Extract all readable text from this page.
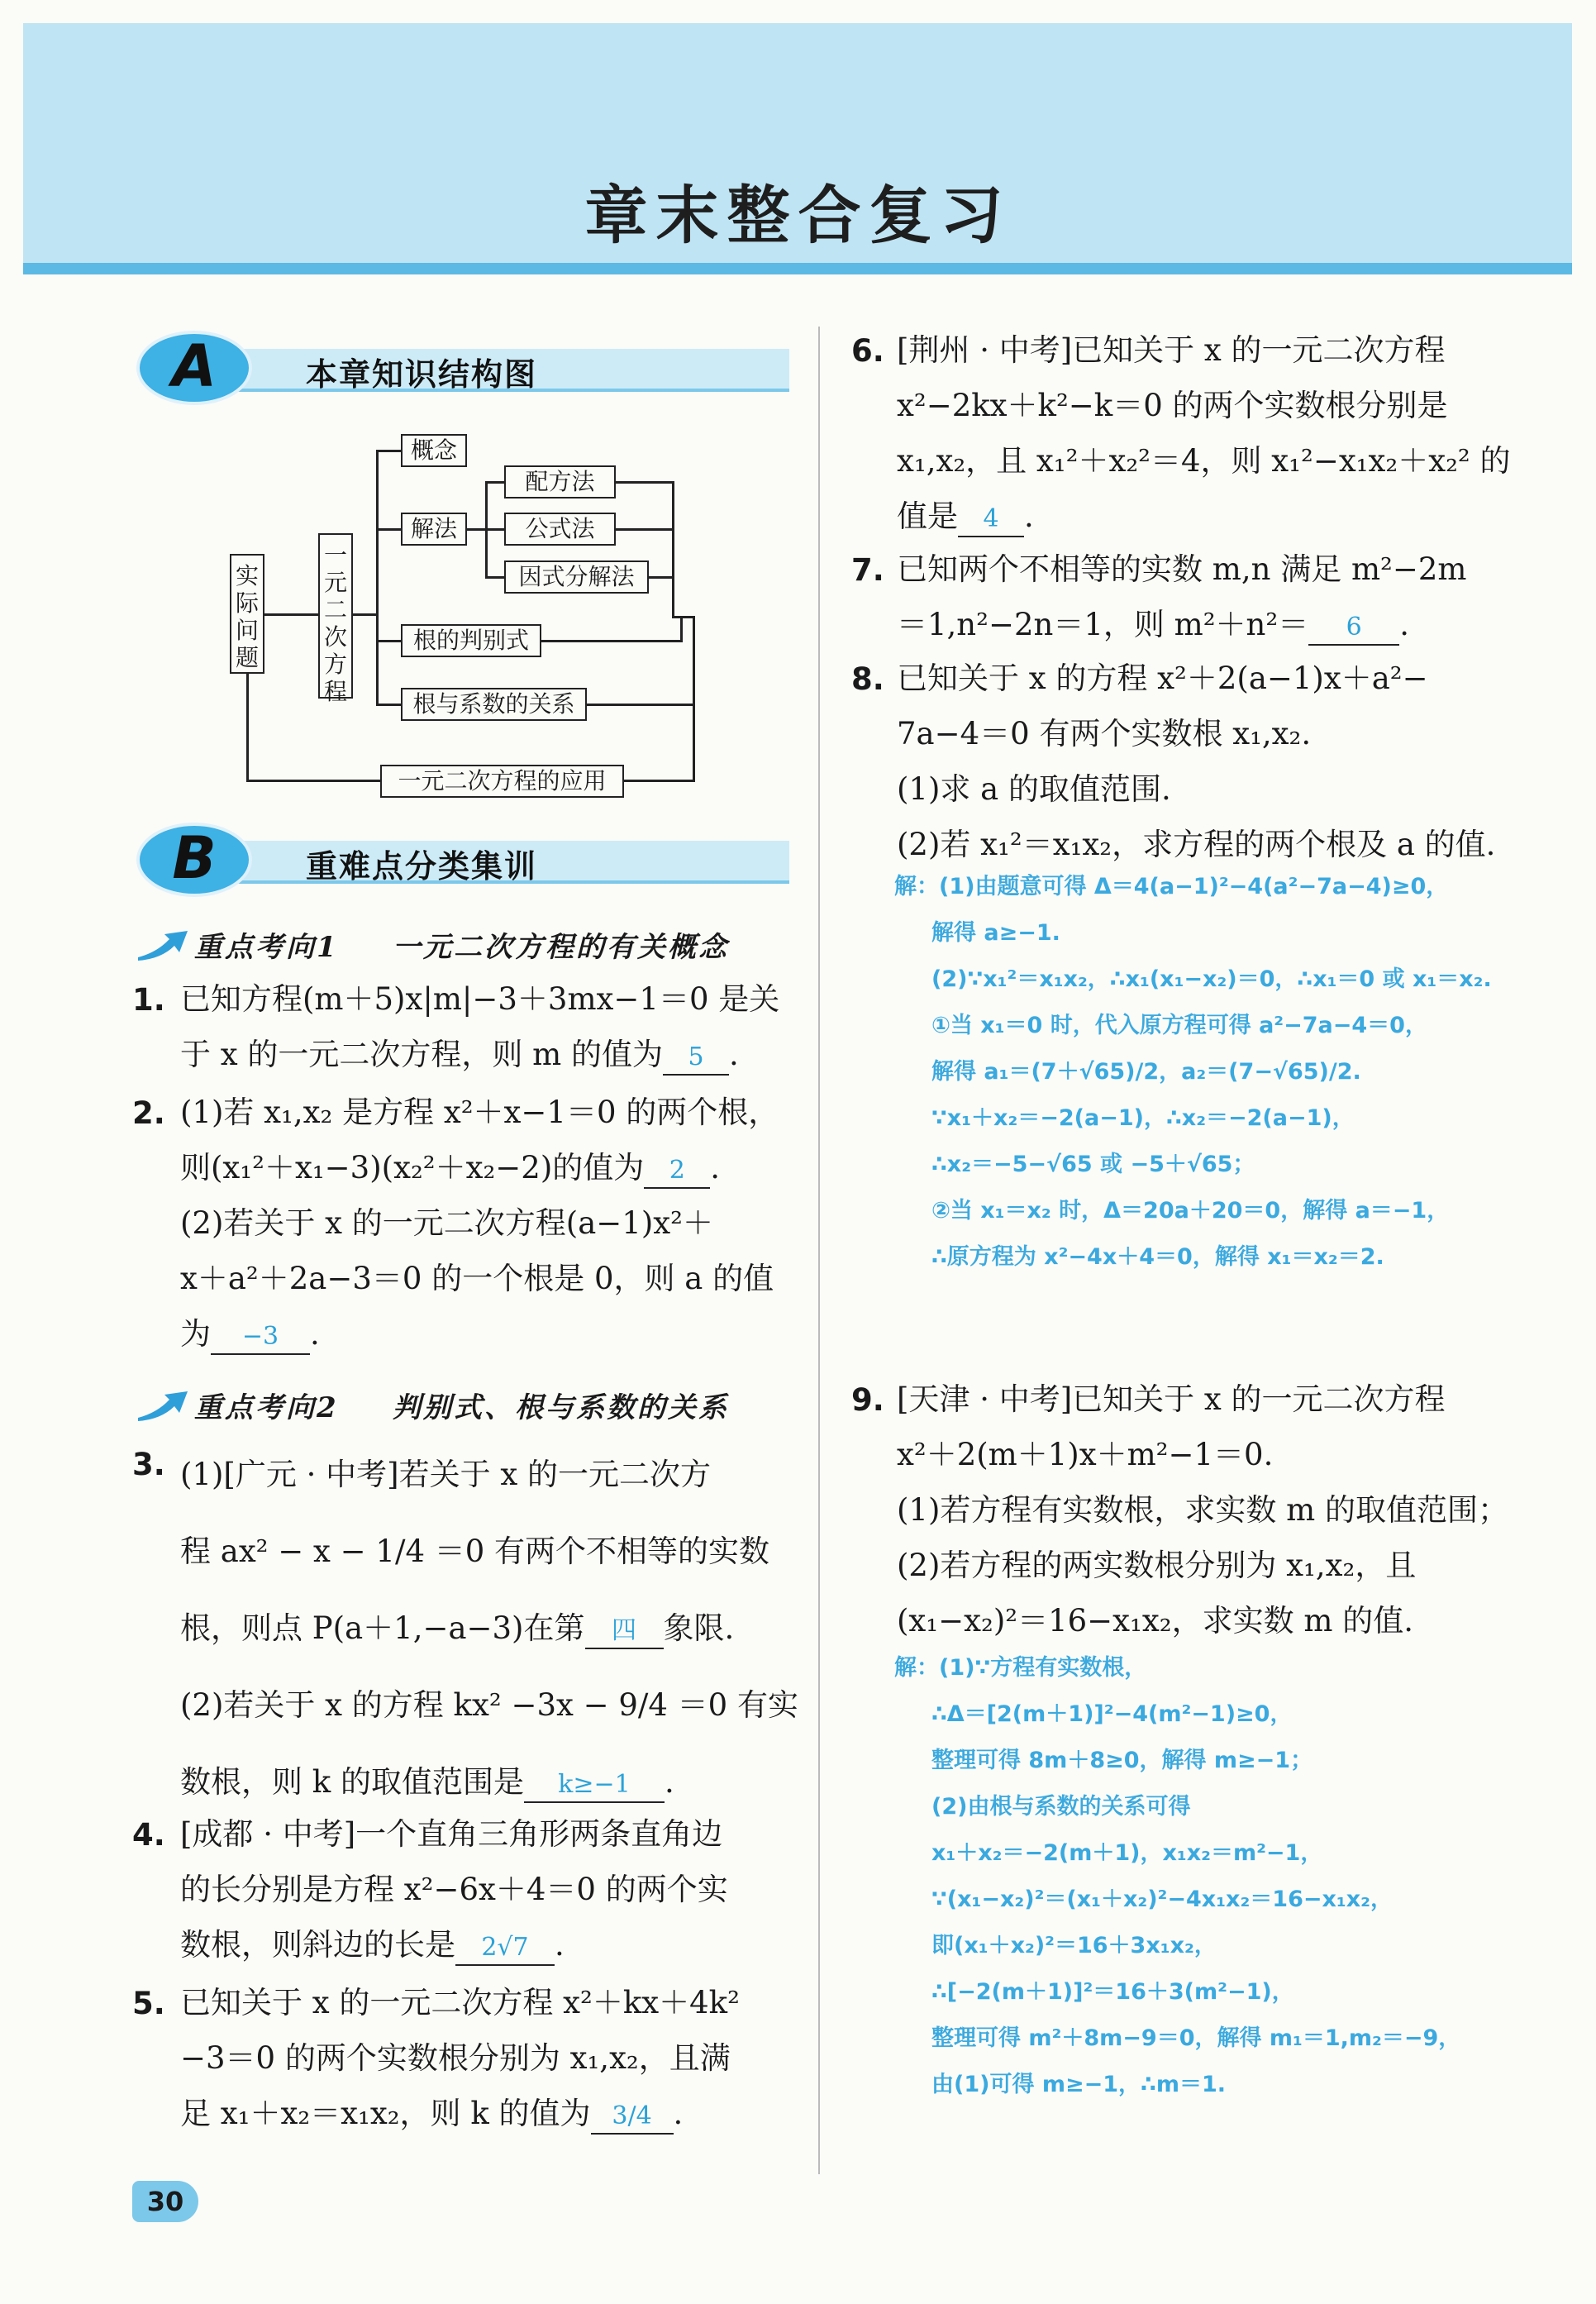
章末整合复习
A	本章知识结构图
实际问题
一元二次方程
概念
解法
配方法
公式法
因式分解法
根的判别式
根与系数的关系
一元二次方程的应用
B	重难点分类集训
重点考向1 一元二次方程的有关概念
1. 已知方程(m＋5)x|m|−3＋3mx−1＝0 是关
于 x 的一元二次方程，则 m 的值为 5 .
2. (1)若 x₁,x₂ 是方程 x²＋x−1＝0 的两个根，
则(x₁²＋x₁−3)(x₂²＋x₂−2)的值为 2 .
(2)若关于 x 的一元二次方程(a−1)x²＋
x＋a²＋2a−3＝0 的一个根是 0，则 a 的值
为 −3 .
重点考向2 判别式、根与系数的关系
3. (1)[广元 · 中考]若关于 x 的一元二次方
程 ax² − x − 1/4 ＝0 有两个不相等的实数
根，则点 P(a＋1,−a−3)在第 四 象限.
(2)若关于 x 的方程 kx² −3x − 9/4 ＝0 有实
数根，则 k 的取值范围是 k≥−1 .
4. [成都 · 中考]一个直角三角形两条直角边
的长分别是方程 x²−6x＋4＝0 的两个实
数根，则斜边的长是 2√7 .
5. 已知关于 x 的一元二次方程 x²＋kx＋4k²
−3＝0 的两个实数根分别为 x₁,x₂，且满
足 x₁＋x₂＝x₁x₂，则 k 的值为 3/4 .
6. [荆州 · 中考]已知关于 x 的一元二次方程
x²−2kx＋k²−k＝0 的两个实数根分别是
x₁,x₂，且 x₁²＋x₂²＝4，则 x₁²−x₁x₂＋x₂² 的
值是 4 .
7. 已知两个不相等的实数 m,n 满足 m²−2m
＝1,n²−2n＝1，则 m²＋n²＝ 6 .
8. 已知关于 x 的方程 x²＋2(a−1)x＋a²−
7a−4＝0 有两个实数根 x₁,x₂.
(1)求 a 的取值范围.
(2)若 x₁²＝x₁x₂，求方程的两个根及 a 的值.
解：(1)由题意可得 Δ＝4(a−1)²−4(a²−7a−4)≥0，
解得 a≥−1.
(2)∵x₁²＝x₁x₂，∴x₁(x₁−x₂)＝0，∴x₁＝0 或 x₁＝x₂.
①当 x₁＝0 时，代入原方程可得 a²−7a−4＝0，
解得 a₁＝(7＋√65)/2，a₂＝(7−√65)/2.
∵x₁＋x₂＝−2(a−1)，∴x₂＝−2(a−1)，
∴x₂＝−5−√65 或 −5＋√65；
②当 x₁＝x₂ 时，Δ＝20a＋20＝0，解得 a＝−1，
∴原方程为 x²−4x＋4＝0，解得 x₁＝x₂＝2.
9. [天津 · 中考]已知关于 x 的一元二次方程
x²＋2(m＋1)x＋m²−1＝0.
(1)若方程有实数根，求实数 m 的取值范围；
(2)若方程的两实数根分别为 x₁,x₂，且
(x₁−x₂)²＝16−x₁x₂，求实数 m 的值.
解：(1)∵方程有实数根，
∴Δ＝[2(m＋1)]²−4(m²−1)≥0，
整理可得 8m＋8≥0，解得 m≥−1；
(2)由根与系数的关系可得
x₁＋x₂＝−2(m＋1)，x₁x₂＝m²−1，
∵(x₁−x₂)²＝(x₁＋x₂)²−4x₁x₂＝16−x₁x₂，
即(x₁＋x₂)²＝16＋3x₁x₂，
∴[−2(m＋1)]²＝16＋3(m²−1)，
整理可得 m²＋8m−9＝0，解得 m₁＝1,m₂＝−9，
由(1)可得 m≥−1，∴m＝1.
30
